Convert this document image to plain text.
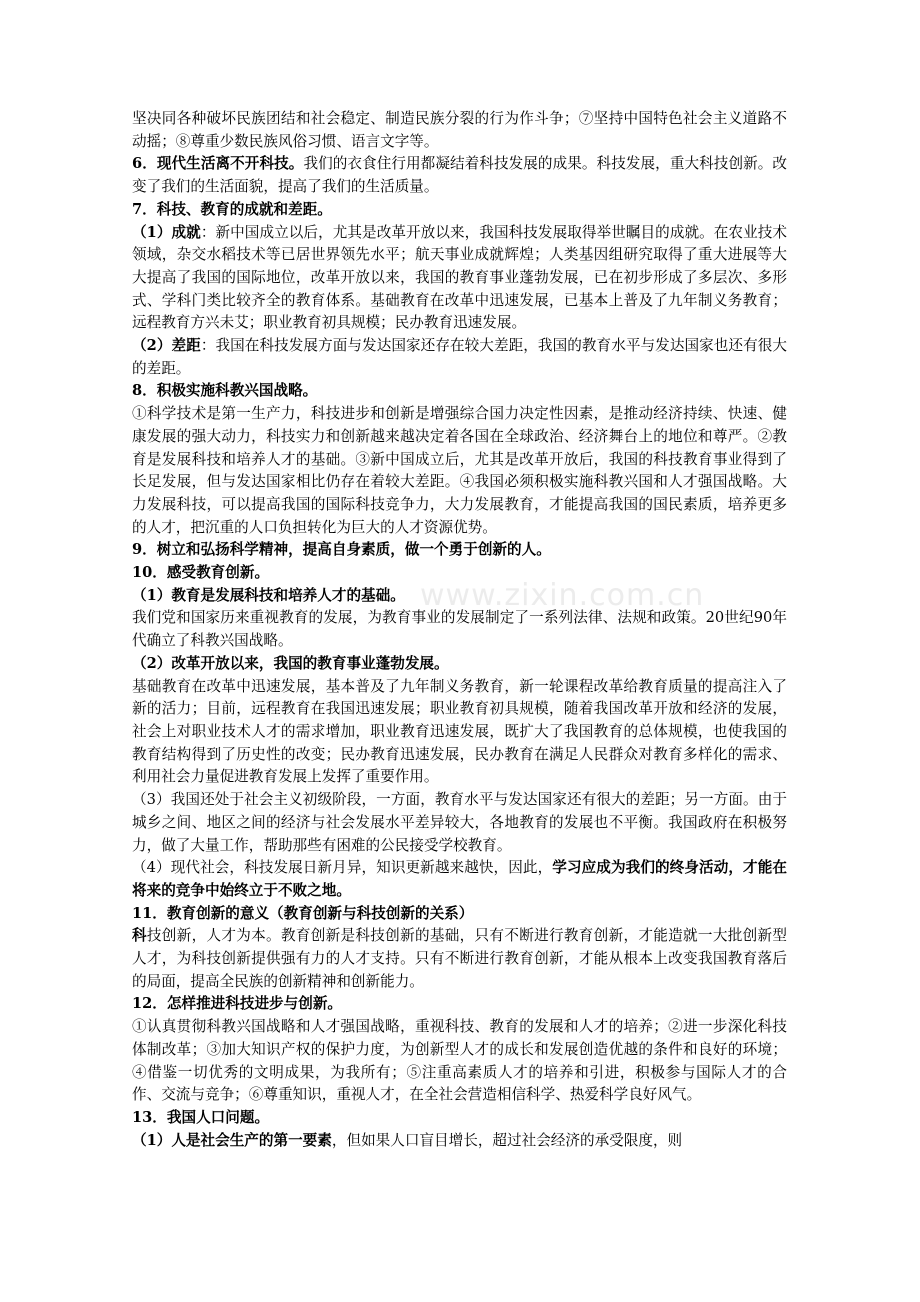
www.zixin.com.cn

坚决同各种破坏民族团结和社会稳定、制造民族分裂的行为作斗争；⑦坚持中国特色社会主义道路不动摇；⑧尊重少数民族风俗习惯、语言文字等。

6．现代生活离不开科技。我们的衣食住行用都凝结着科技发展的成果。科技发展，重大科技创新。改变了我们的生活面貌，提高了我们的生活质量。

7．科技、教育的成就和差距。

（1）成就：新中国成立以后，尤其是改革开放以来，我国科技发展取得举世瞩目的成就。在农业技术领域，杂交水稻技术等已居世界领先水平；航天事业成就辉煌；人类基因组研究取得了重大进展等大大提高了我国的国际地位，改革开放以来，我国的教育事业蓬勃发展，已在初步形成了多层次、多形式、学科门类比较齐全的教育体系。基础教育在改革中迅速发展，已基本上普及了九年制义务教育；远程教育方兴未艾；职业教育初具规模；民办教育迅速发展。

（2）差距：我国在科技发展方面与发达国家还存在较大差距，我国的教育水平与发达国家也还有很大的差距。

8．积极实施科教兴国战略。

①科学技术是第一生产力，科技进步和创新是增强综合国力决定性因素，是推动经济持续、快速、健康发展的强大动力，科技实力和创新越来越决定着各国在全球政治、经济舞台上的地位和尊严。②教育是发展科技和培养人才的基础。③新中国成立后，尤其是改革开放后，我国的科技教育事业得到了长足发展，但与发达国家相比仍存在着较大差距。④我国必须积极实施科教兴国和人才强国战略。大力发展科技，可以提高我国的国际科技竞争力，大力发展教育，才能提高我国的国民素质，培养更多的人才，把沉重的人口负担转化为巨大的人才资源优势。

9．树立和弘扬科学精神，提高自身素质，做一个勇于创新的人。

10．感受教育创新。

（1）教育是发展科技和培养人才的基础。

我们党和国家历来重视教育的发展，为教育事业的发展制定了一系列法律、法规和政策。20世纪90年代确立了科教兴国战略。

（2）改革开放以来，我国的教育事业蓬勃发展。

基础教育在改革中迅速发展，基本普及了九年制义务教育，新一轮课程改革给教育质量的提高注入了新的活力；目前，远程教育在我国迅速发展；职业教育初具规模，随着我国改革开放和经济的发展，社会上对职业技术人才的需求增加，职业教育迅速发展，既扩大了我国教育的总体规模，也使我国的教育结构得到了历史性的改变；民办教育迅速发展，民办教育在满足人民群众对教育多样化的需求、利用社会力量促进教育发展上发挥了重要作用。

（3）我国还处于社会主义初级阶段，一方面，教育水平与发达国家还有很大的差距；另一方面。由于城乡之间、地区之间的经济与社会发展水平差异较大，各地教育的发展也不平衡。我国政府在积极努力，做了大量工作，帮助那些有困难的公民接受学校教育。

（4）现代社会，科技发展日新月异，知识更新越来越快，因此，学习应成为我们的终身活动，才能在将来的竞争中始终立于不败之地。

11．教育创新的意义（教育创新与科技创新的关系）

科技创新，人才为本。教育创新是科技创新的基础，只有不断进行教育创新，才能造就一大批创新型人才，为科技创新提供强有力的人才支持。只有不断进行教育创新，才能从根本上改变我国教育落后的局面，提高全民族的创新精神和创新能力。

12．怎样推进科技进步与创新。

①认真贯彻科教兴国战略和人才强国战略，重视科技、教育的发展和人才的培养；②进一步深化科技体制改革；③加大知识产权的保护力度，为创新型人才的成长和发展创造优越的条件和良好的环境；④借鉴一切优秀的文明成果，为我所有；⑤注重高素质人才的培养和引进，积极参与国际人才的合作、交流与竞争；⑥尊重知识，重视人才，在全社会营造相信科学、热爱科学良好风气。

13．我国人口问题。

（1）人是社会生产的第一要素，但如果人口盲目增长，超过社会经济的承受限度，则
